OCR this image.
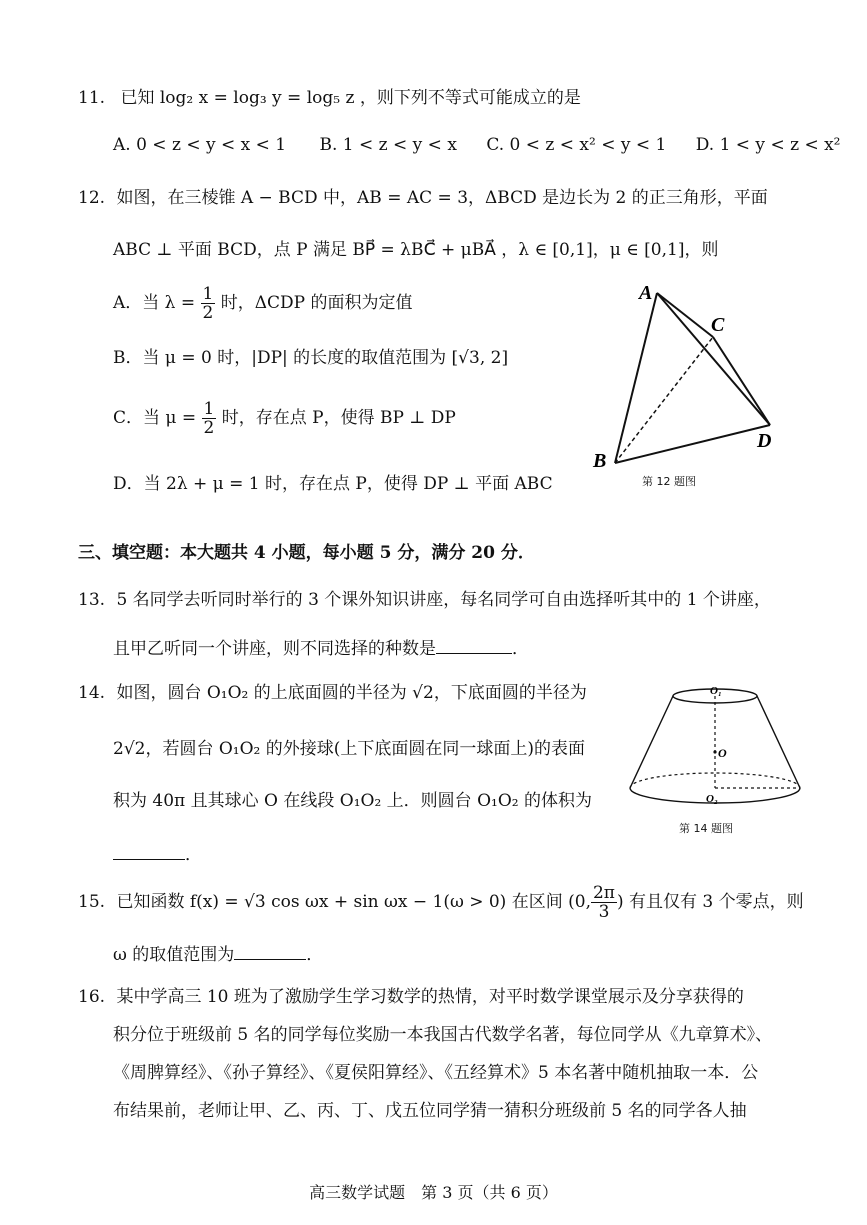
11. 已知 log₂ x = log₃ y = log₅ z ，则下列不等式可能成立的是
A. 0 < z < y < x < 1 B. 1 < z < y < x C. 0 < z < x² < y < 1 D. 1 < y < z < x²
12. 如图，在三棱锥 A − BCD 中，AB = AC = 3，ΔBCD 是边长为 2 的正三角形，平面
ABC ⊥ 平面 BCD，点 P 满足 BP⃗ = λBC⃗ + μBA⃗ ，λ ∈ [0,1]，μ ∈ [0,1]，则
A．当 $\lambda = \frac{1}{2}$ 时，ΔCDP 的面积为定值
B．当 μ = 0 时，|DP| 的长度的取值范围为 [√3, 2]
C．当 $\mu = \frac{1}{2}$ 时，存在点 P，使得 BP ⊥ DP
D．当 2λ + μ = 1 时，存在点 P，使得 DP ⊥ 平面 ABC
A
B
C
D
第 12 题图
三、填空题：本大题共 4 小题，每小题 5 分，满分 20 分．
13. 5 名同学去听同时举行的 3 个课外知识讲座，每名同学可自由选择听其中的 1 个讲座，
且甲乙听同一个讲座，则不同选择的种数是	．
14. 如图，圆台 O₁O₂ 的上底面圆的半径为 √2，下底面圆的半径为
2√2，若圆台 O₁O₂ 的外接球(上下底面圆在同一球面上)的表面
积为 40π 且其球心 O 在线段 O₁O₂ 上．则圆台 O₁O₂ 的体积为
．
O₁
O
O₂
第 14 题图
15. 已知函数 f(x) = √3 cos ωx + sin ωx − 1(ω > 0) 在区间 (0, $\frac{2\pi}{3}$ ) 有且仅有 3 个零点，则
ω 的取值范围为	．
16. 某中学高三 10 班为了激励学生学习数学的热情，对平时数学课堂展示及分享获得的
积分位于班级前 5 名的同学每位奖励一本我国古代数学名著，每位同学从《九章算术》、
《周脾算经》、《孙子算经》、《夏侯阳算经》、《五经算术》5 本名著中随机抽取一本．公
布结果前，老师让甲、乙、丙、丁、戊五位同学猜一猜积分班级前 5 名的同学各人抽
高三数学试题　第 3 页（共 6 页）
